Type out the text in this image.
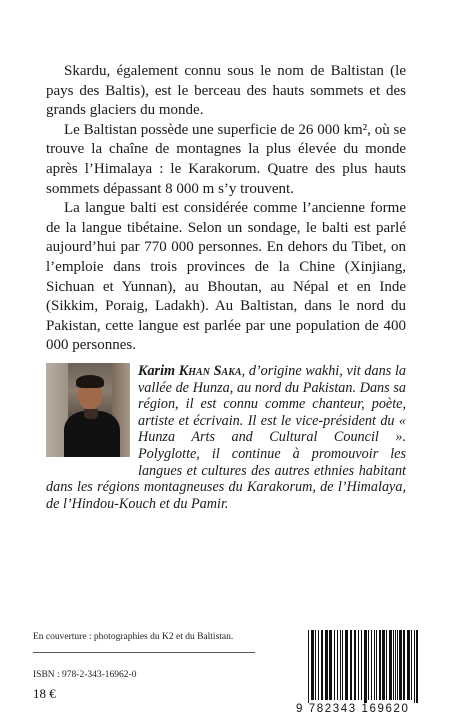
Skardu, également connu sous le nom de Baltistan (le pays des Baltis), est le berceau des hauts sommets et des grands glaciers du monde.

Le Baltistan possède une superficie de 26 000 km², où se trouve la chaîne de montagnes la plus élevée du monde après l’Himalaya : le Karakorum. Quatre des plus hauts sommets dépassant 8 000 m s’y trouvent.

La langue balti est considérée comme l’ancienne forme de la langue tibétaine. Selon un sondage, le balti est parlé aujourd’hui par 770 000 personnes. En dehors du Tibet, on l’emploie dans trois provinces de la Chine (Xinjiang, Sichuan et Yunnan), au Bhoutan, au Népal et en Inde (Sikkim, Poraig, Ladakh). Au Baltistan, dans le nord du Pakistan, cette langue est parlée par une population de 400 000 personnes.

Karim Khan Saka, d’origine wakhi, vit dans la vallée de Hunza, au nord du Pakistan. Dans sa région, il est connu comme chanteur, poète, artiste et écrivain. Il est le vice-président du « Hunza Arts and Cultural Council ». Polyglotte, il continue à promouvoir les langues et cultures des autres ethnies habitant dans les régions montagneuses du Karakorum, de l’Himalaya, de l’Hindou-Kouch et du Pamir.

En couverture : photographies du K2 et du Baltistan.
ISBN : 978-2-343-16962-0
18 €
9 782343 169620
